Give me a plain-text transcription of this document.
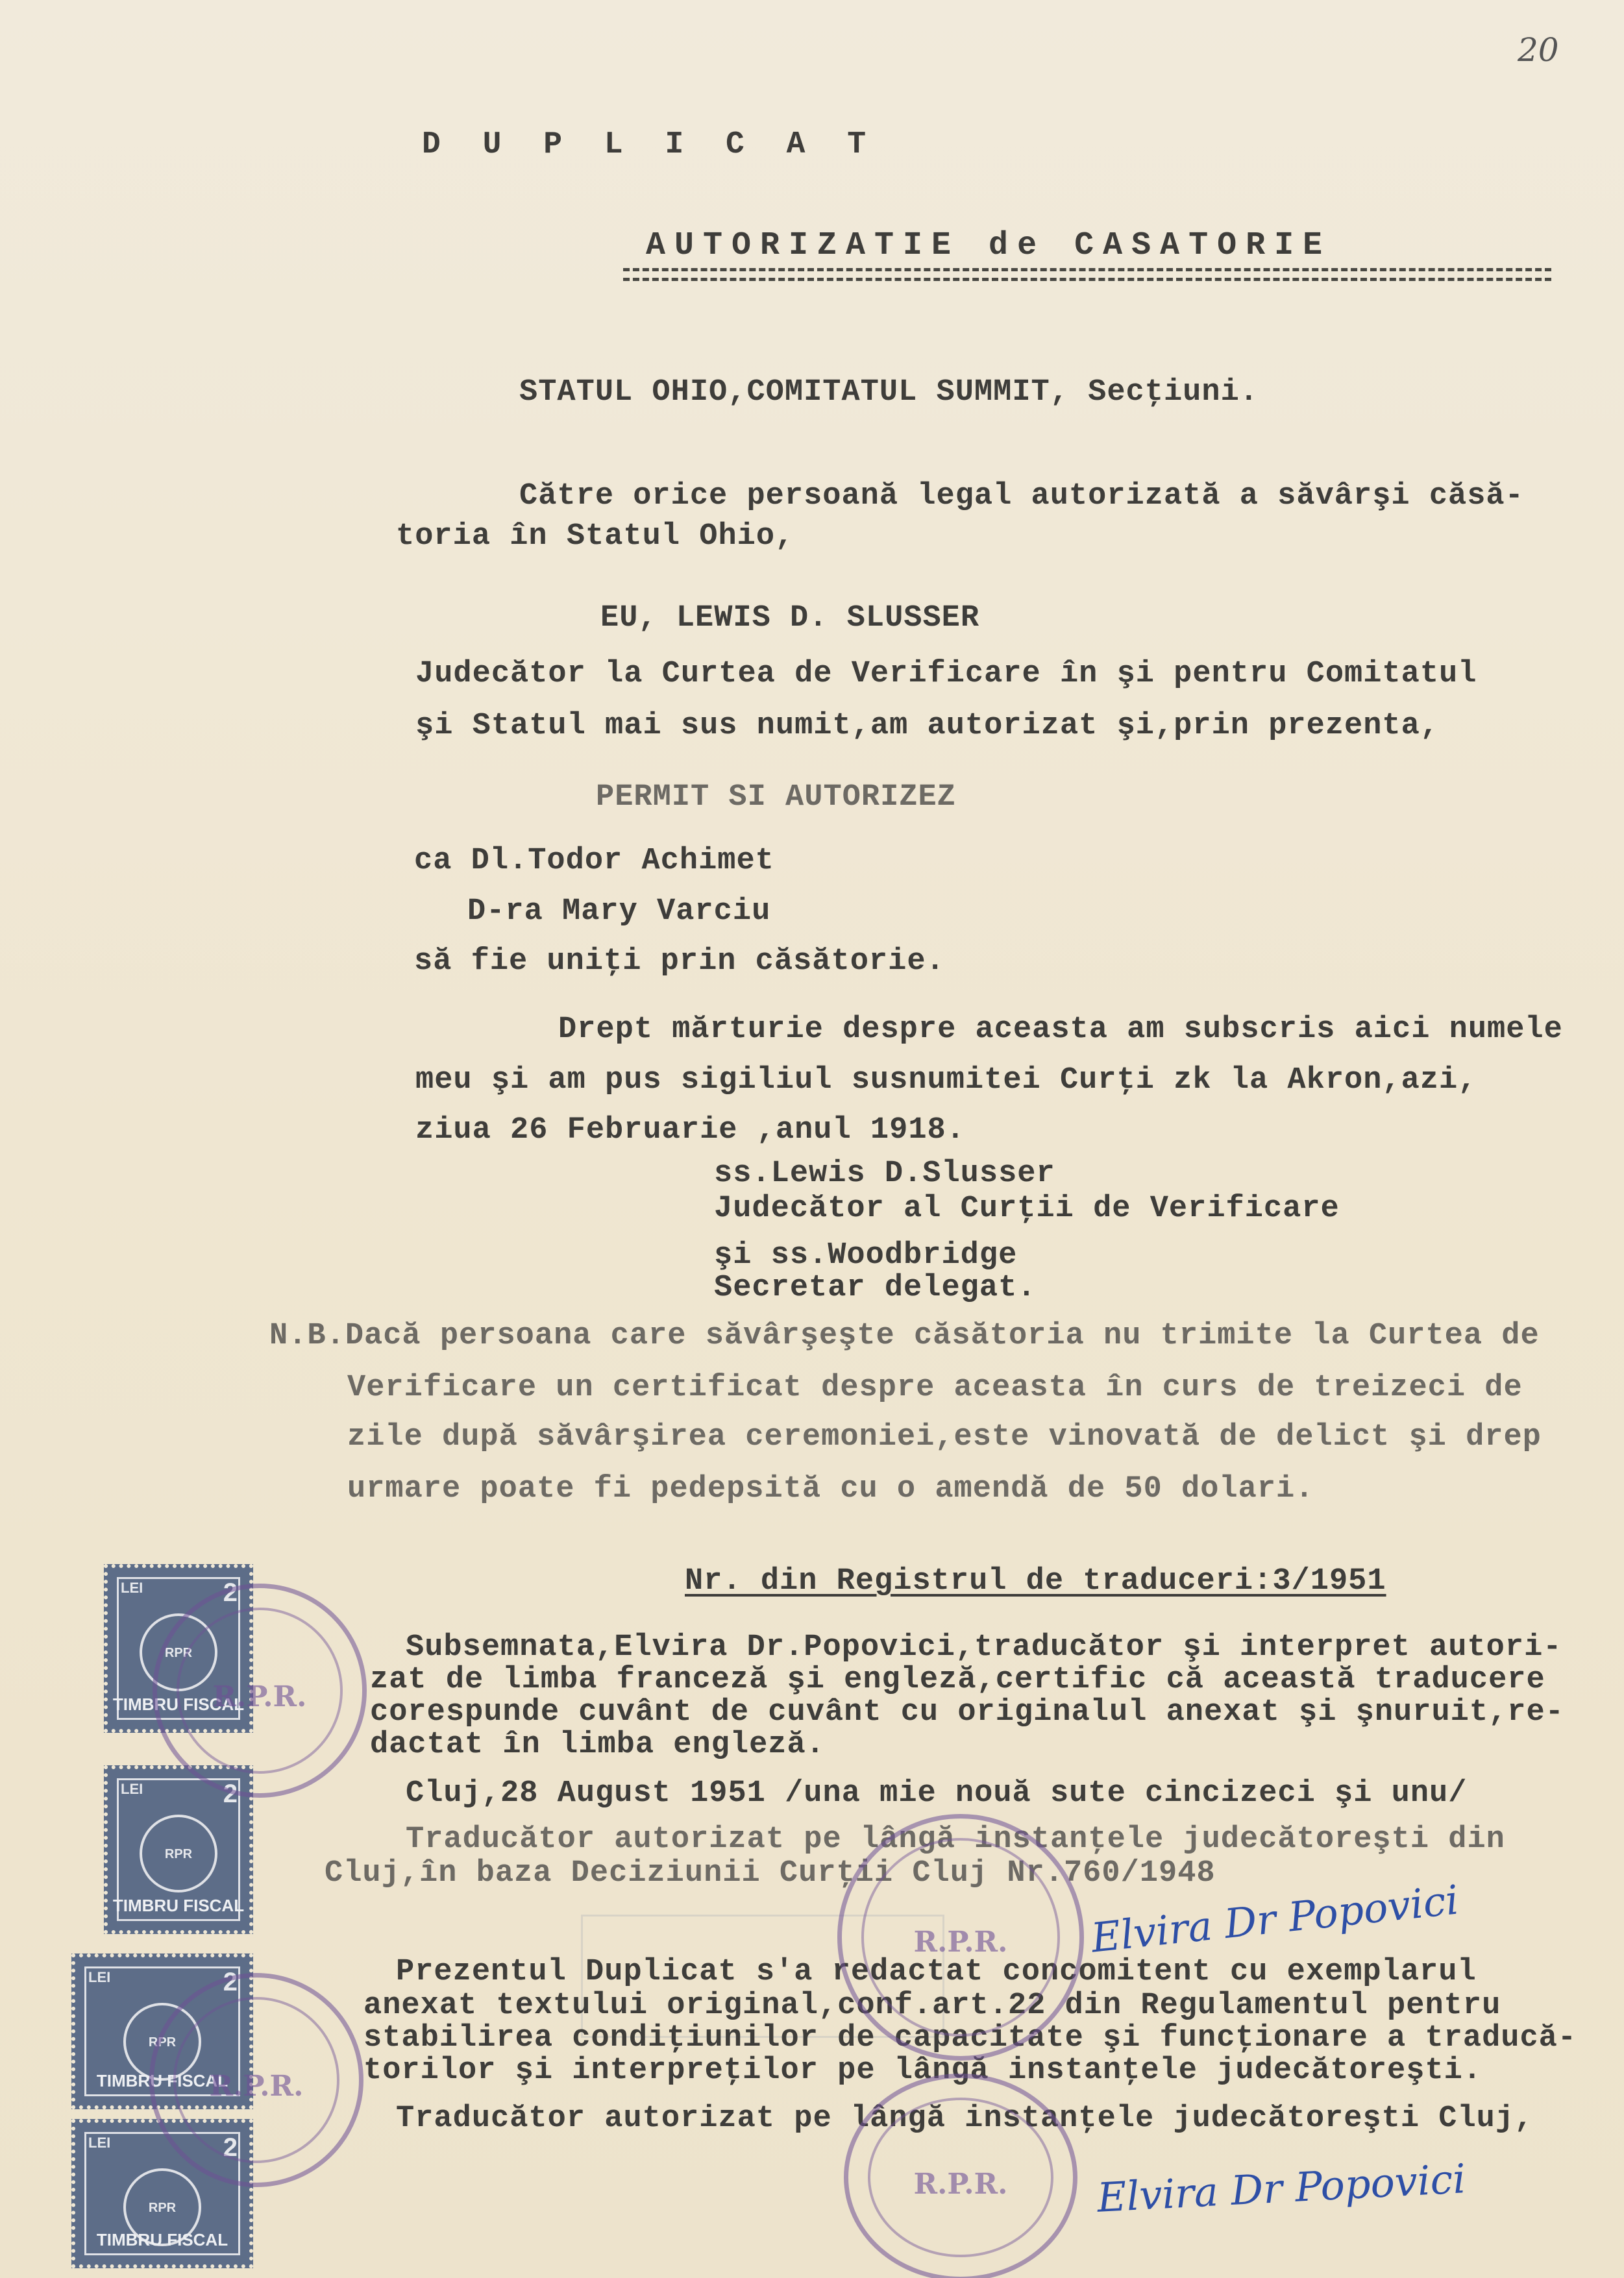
20
D U P L I C A T
AUTORIZATIE de CASATORIE
STATUL OHIO,COMITATUL SUMMIT, Secţiuni.
Către orice persoană legal autorizată a săvârşi căsă-
toria în Statul Ohio,
EU, LEWIS D. SLUSSER
Judecător la Curtea de Verificare în şi pentru Comitatul
şi Statul mai sus numit,am autorizat şi,prin prezenta,
PERMIT SI AUTORIZEZ
ca Dl.Todor Achimet
D-ra Mary Varciu
să fie uniţi prin căsătorie.
Drept mărturie despre aceasta am subscris aici numele
meu şi am pus sigiliul susnumitei Curţi zk la Akron,azi,
ziua 26 Februarie ,anul 1918.
ss.Lewis D.Slusser
Judecător al Curţii de Verificare
şi ss.Woodbridge
Secretar delegat.
N.B.Dacă persoana care săvârşeşte căsătoria nu trimite la Curtea de
Verificare un certificat despre aceasta în curs de treizeci de
zile după săvârşirea ceremoniei,este vinovată de delict şi drep
urmare poate fi pedepsită cu o amendă de 50 dolari.
Nr. din Registrul de traduceri:3/1951
Subsemnata,Elvira Dr.Popovici,traducător şi interpret autori-
zat de limba franceză şi engleză,certific că această traducere
corespunde cuvânt de cuvânt cu originalul anexat şi şnuruit,re-
dactat în limba engleză.
Cluj,28 August 1951 /una mie nouă sute cincizeci şi unu/
Traducător autorizat pe lângă instanţele judecătoreşti din
Cluj,în baza Deciziunii Curţii Cluj Nr.760/1948
Prezentul Duplicat s'a redactat concomitent cu exemplarul
anexat textului original,conf.art.22 din Regulamentul pentru
stabilirea condiţiunilor de capacitate şi funcţionare a traducă-
torilor şi interpreţilor pe lângă instanţele judecătoreşti.
Traducător autorizat pe lângă instanţele judecătoreşti Cluj,
Elvira Dr Popovici
Elvira Dr Popovici
LEI	2
RPR
TIMBRU FISCAL
LEI	2
RPR
TIMBRU FISCAL
LEI	2
RPR
TIMBRU FISCAL
LEI	2
RPR
TIMBRU FISCAL
R.P.R.
R.P.R.
R.P.R.
R.P.R.
